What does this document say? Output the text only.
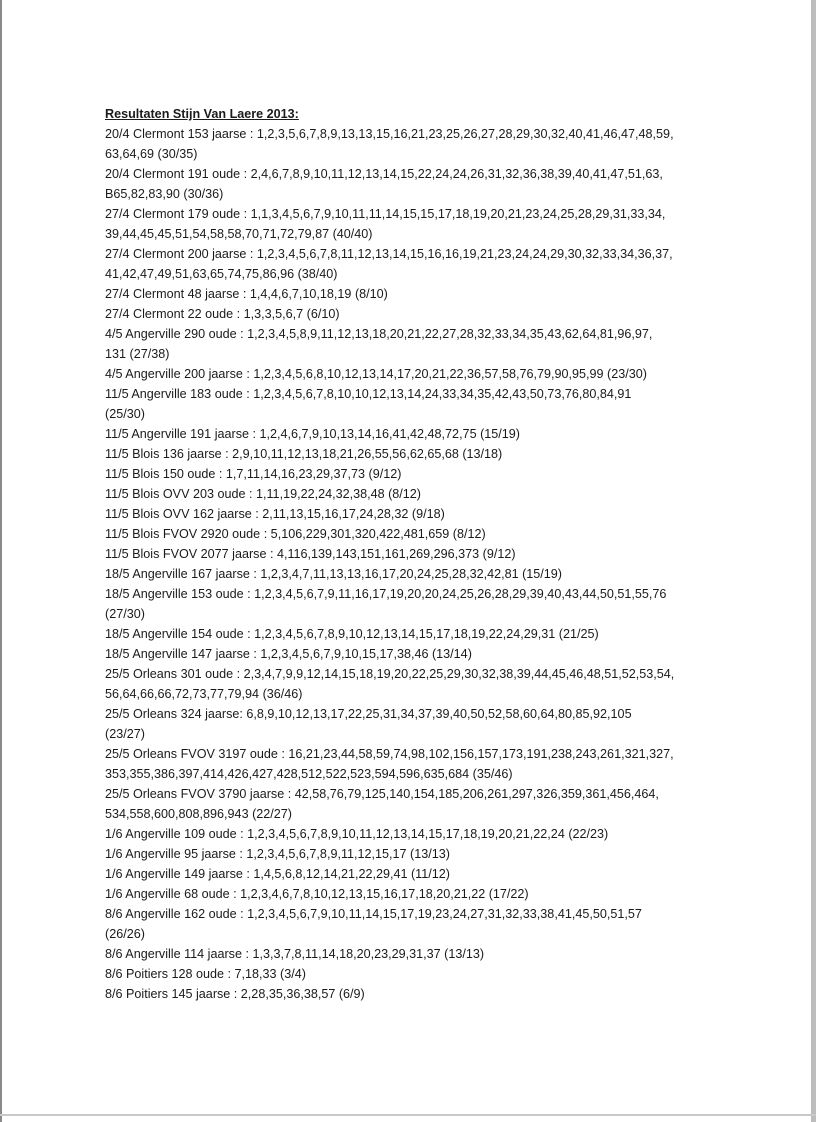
Resultaten Stijn Van Laere 2013:

20/4 Clermont 153 jaarse : 1,2,3,5,6,7,8,9,13,13,15,16,21,23,25,26,27,28,29,30,32,40,41,46,47,48,59,
63,64,69 (30/35)
20/4 Clermont 191 oude : 2,4,6,7,8,9,10,11,12,13,14,15,22,24,24,26,31,32,36,38,39,40,41,47,51,63,
B65,82,83,90 (30/36)
27/4 Clermont 179 oude : 1,1,3,4,5,6,7,9,10,11,11,14,15,15,17,18,19,20,21,23,24,25,28,29,31,33,34,
39,44,45,45,51,54,58,58,70,71,72,79,87 (40/40)
27/4 Clermont 200 jaarse : 1,2,3,4,5,6,7,8,11,12,13,14,15,16,16,19,21,23,24,24,29,30,32,33,34,36,37,
41,42,47,49,51,63,65,74,75,86,96 (38/40)
27/4 Clermont 48 jaarse : 1,4,4,6,7,10,18,19 (8/10)
27/4 Clermont 22 oude : 1,3,3,5,6,7 (6/10)
4/5 Angerville 290 oude : 1,2,3,4,5,8,9,11,12,13,18,20,21,22,27,28,32,33,34,35,43,62,64,81,96,97,
131 (27/38)
4/5 Angerville 200 jaarse : 1,2,3,4,5,6,8,10,12,13,14,17,20,21,22,36,57,58,76,79,90,95,99 (23/30)
11/5 Angerville 183 oude : 1,2,3,4,5,6,7,8,10,10,12,13,14,24,33,34,35,42,43,50,73,76,80,84,91
(25/30)
11/5 Angerville 191 jaarse : 1,2,4,6,7,9,10,13,14,16,41,42,48,72,75 (15/19)
11/5 Blois 136 jaarse : 2,9,10,11,12,13,18,21,26,55,56,62,65,68 (13/18)
11/5 Blois 150 oude : 1,7,11,14,16,23,29,37,73 (9/12)
11/5 Blois OVV 203 oude : 1,11,19,22,24,32,38,48 (8/12)
11/5 Blois OVV 162 jaarse : 2,11,13,15,16,17,24,28,32 (9/18)
11/5 Blois FVOV 2920 oude : 5,106,229,301,320,422,481,659 (8/12)
11/5 Blois FVOV 2077 jaarse : 4,116,139,143,151,161,269,296,373 (9/12)
18/5 Angerville 167 jaarse : 1,2,3,4,7,11,13,13,16,17,20,24,25,28,32,42,81 (15/19)
18/5 Angerville 153 oude : 1,2,3,4,5,6,7,9,11,16,17,19,20,20,24,25,26,28,29,39,40,43,44,50,51,55,76
(27/30)
18/5 Angerville 154 oude : 1,2,3,4,5,6,7,8,9,10,12,13,14,15,17,18,19,22,24,29,31 (21/25)
18/5 Angerville 147 jaarse : 1,2,3,4,5,6,7,9,10,15,17,38,46 (13/14)
25/5 Orleans 301 oude : 2,3,4,7,9,9,12,14,15,18,19,20,22,25,29,30,32,38,39,44,45,46,48,51,52,53,54,
56,64,66,66,72,73,77,79,94 (36/46)
25/5 Orleans 324 jaarse: 6,8,9,10,12,13,17,22,25,31,34,37,39,40,50,52,58,60,64,80,85,92,105
(23/27)
25/5 Orleans FVOV 3197 oude : 16,21,23,44,58,59,74,98,102,156,157,173,191,238,243,261,321,327,
353,355,386,397,414,426,427,428,512,522,523,594,596,635,684 (35/46)
25/5 Orleans FVOV 3790 jaarse : 42,58,76,79,125,140,154,185,206,261,297,326,359,361,456,464,
534,558,600,808,896,943 (22/27)
1/6 Angerville 109 oude : 1,2,3,4,5,6,7,8,9,10,11,12,13,14,15,17,18,19,20,21,22,24 (22/23)
1/6 Angerville 95 jaarse : 1,2,3,4,5,6,7,8,9,11,12,15,17 (13/13)
1/6 Angerville 149 jaarse : 1,4,5,6,8,12,14,21,22,29,41 (11/12)
1/6 Angerville 68 oude : 1,2,3,4,6,7,8,10,12,13,15,16,17,18,20,21,22 (17/22)
8/6 Angerville 162 oude : 1,2,3,4,5,6,7,9,10,11,14,15,17,19,23,24,27,31,32,33,38,41,45,50,51,57
(26/26)
8/6 Angerville 114 jaarse : 1,3,3,7,8,11,14,18,20,23,29,31,37 (13/13)
8/6 Poitiers 128 oude : 7,18,33 (3/4)
8/6 Poitiers 145 jaarse : 2,28,35,36,38,57 (6/9)
